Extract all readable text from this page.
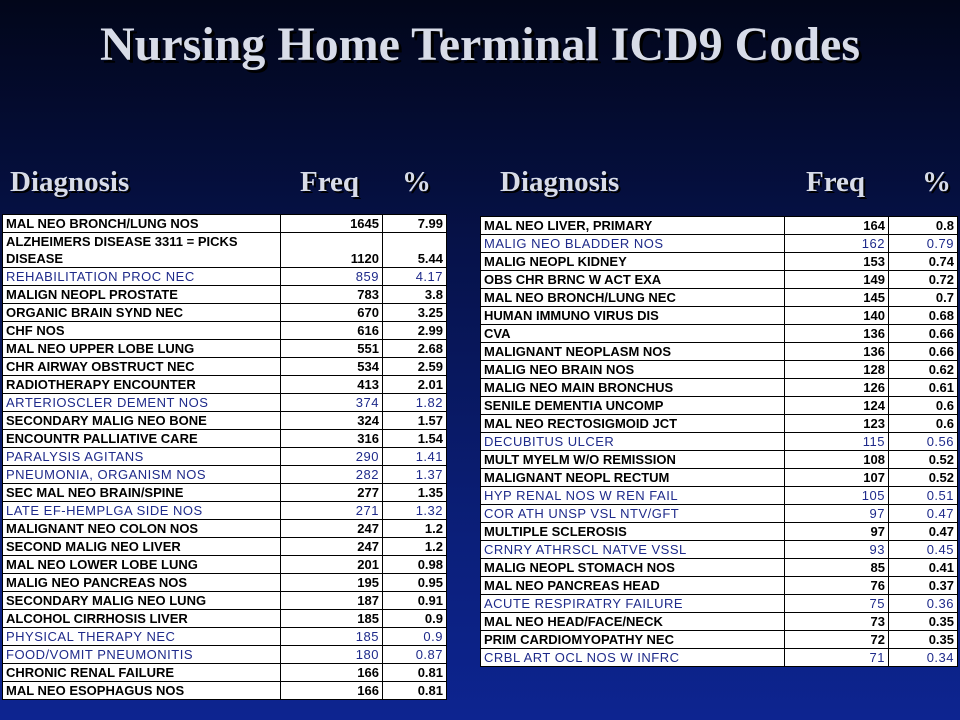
Nursing Home Terminal ICD9 Codes
Diagnosis	Freq % Diagnosis	Freq %
MAL NEO BRONCH/LUNG NOS	1645	7.99
ALZHEIMERS DISEASE 3311 = PICKS DISEASE	1120	5.44
REHABILITATION PROC NEC	859	4.17
MALIGN NEOPL PROSTATE	783	3.8
ORGANIC BRAIN SYND NEC	670	3.25
CHF NOS	616	2.99
MAL NEO UPPER LOBE LUNG	551	2.68
CHR AIRWAY OBSTRUCT NEC	534	2.59
RADIOTHERAPY ENCOUNTER	413	2.01
ARTERIOSCLER DEMENT NOS	374	1.82
SECONDARY MALIG NEO BONE	324	1.57
ENCOUNTR PALLIATIVE CARE	316	1.54
PARALYSIS AGITANS	290	1.41
PNEUMONIA, ORGANISM NOS	282	1.37
SEC MAL NEO BRAIN/SPINE	277	1.35
LATE EF-HEMPLGA SIDE NOS	271	1.32
MALIGNANT NEO COLON NOS	247	1.2
SECOND MALIG NEO LIVER	247	1.2
MAL NEO LOWER LOBE LUNG	201	0.98
MALIG NEO PANCREAS NOS	195	0.95
SECONDARY MALIG NEO LUNG	187	0.91
ALCOHOL CIRRHOSIS LIVER	185	0.9
PHYSICAL THERAPY NEC	185	0.9
FOOD/VOMIT PNEUMONITIS	180	0.87
CHRONIC RENAL FAILURE	166	0.81
MAL NEO ESOPHAGUS NOS	166	0.81
MAL NEO LIVER, PRIMARY	164	0.8
MALIG NEO BLADDER NOS	162	0.79
MALIG NEOPL KIDNEY	153	0.74
OBS CHR BRNC W ACT EXA	149	0.72
MAL NEO BRONCH/LUNG NEC	145	0.7
HUMAN IMMUNO VIRUS DIS	140	0.68
CVA	136	0.66
MALIGNANT NEOPLASM NOS	136	0.66
MALIG NEO BRAIN NOS	128	0.62
MALIG NEO MAIN BRONCHUS	126	0.61
SENILE DEMENTIA UNCOMP	124	0.6
MAL NEO RECTOSIGMOID JCT	123	0.6
DECUBITUS ULCER	115	0.56
MULT MYELM W/O REMISSION	108	0.52
MALIGNANT NEOPL RECTUM	107	0.52
HYP RENAL NOS W REN FAIL	105	0.51
COR ATH UNSP VSL NTV/GFT	97	0.47
MULTIPLE SCLEROSIS	97	0.47
CRNRY ATHRSCL NATVE VSSL	93	0.45
MALIG NEOPL STOMACH NOS	85	0.41
MAL NEO PANCREAS HEAD	76	0.37
ACUTE RESPIRATRY FAILURE	75	0.36
MAL NEO HEAD/FACE/NECK	73	0.35
PRIM CARDIOMYOPATHY NEC	72	0.35
CRBL ART OCL NOS W INFRC	71	0.34
